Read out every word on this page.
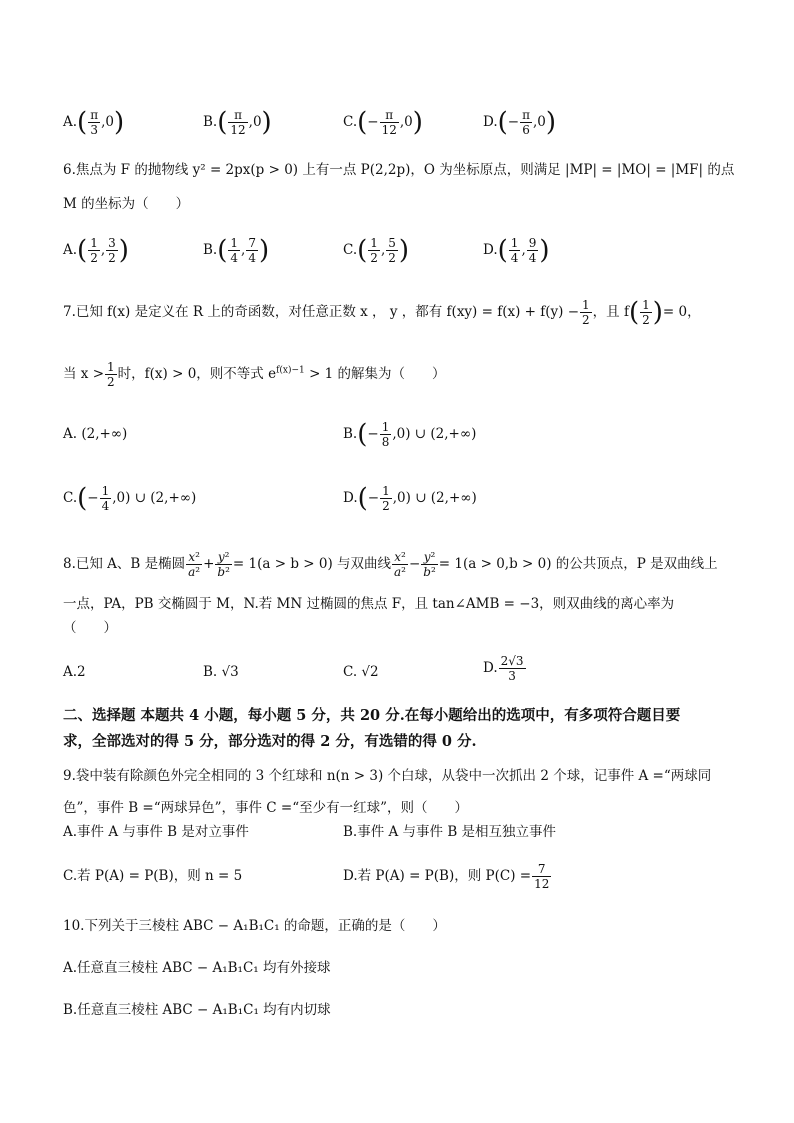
$A.( \frac{\pi}{3} ,0)$	$B.( \frac{\pi}{12} ,0)$	$C.(- \frac{\pi}{12} ,0)$	$D.(- \frac{\pi}{6} ,0)$
6.焦点为 F 的抛物线 y² = 2px(p > 0) 上有一点 P(2,2p)，O 为坐标原点，则满足 |MP| = |MO| = |MF| 的点
M 的坐标为（　　）
$A.( \frac{1}{2}$ , $\frac{3}{2}$ )	$B.( \frac{1}{4}$ , $\frac{7}{4}$ )	$C.( \frac{1}{2}$ , $\frac{5}{2}$ )	$D.( \frac{1}{4}$ , $\frac{9}{4}$ )
7.已知 f(x) 是定义在 R 上的奇函数，对任意正数 x ， y ，都有 $f(xy) = f(x) + f(y) - \frac{1}{2}$ ，且 $f( \frac{1}{2}$ )= 0，
当 $x > \frac{1}{2}$ 时，f(x) > 0，则不等式 $e^{f(x)-1} > 1$ 的解集为（　　）
A. (2,+∞)	$B.(- \frac{1}{8} ,0)$ ∪ (2,+∞)
$C.(- \frac{1}{4} ,0)$ ∪ (2,+∞)	$D.(- \frac{1}{2} ,0)$ ∪ (2,+∞)
8.已知 A、B 是椭圆 $\frac{\text{x²}}{\text{a²}} + \frac{\text{y²}}{\text{b²}} = 1(a > b > 0)$ 与双曲线 $\frac{\text{x²}}{\text{a²}} - \frac{\text{y²}}{\text{b²}} = 1(a > 0,b > 0)$ 的公共顶点，P 是双曲线上
一点，PA，PB 交椭圆于 M，N.若 MN 过椭圆的焦点 F，且 tan∠AMB = −3，则双曲线的离心率为
（　　）
A.2	B. √3	C. √2	D. $\frac{2√3}{3}$
二、选择题 本题共 4 小题，每小题 5 分，共 20 分.在每小题给出的选项中，有多项符合题目要
求，全部选对的得 5 分，部分选对的得 2 分，有选错的得 0 分.
9.袋中装有除颜色外完全相同的 3 个红球和 n(n > 3) 个白球，从袋中一次抓出 2 个球，记事件 A =“两球同
色”，事件 B =“两球异色”，事件 C =“至少有一红球”，则（　　）
A.事件 A 与事件 B 是对立事件	B.事件 A 与事件 B 是相互独立事件
C.若 P(A) = P(B)，则 n = 5	D.若 P(A) = P(B)，则 $P(C) = \frac{7}{12}$
10.下列关于三棱柱 ABC − A₁B₁C₁ 的命题，正确的是（　　）
A.任意直三棱柱 ABC − A₁B₁C₁ 均有外接球
B.任意直三棱柱 ABC − A₁B₁C₁ 均有内切球
